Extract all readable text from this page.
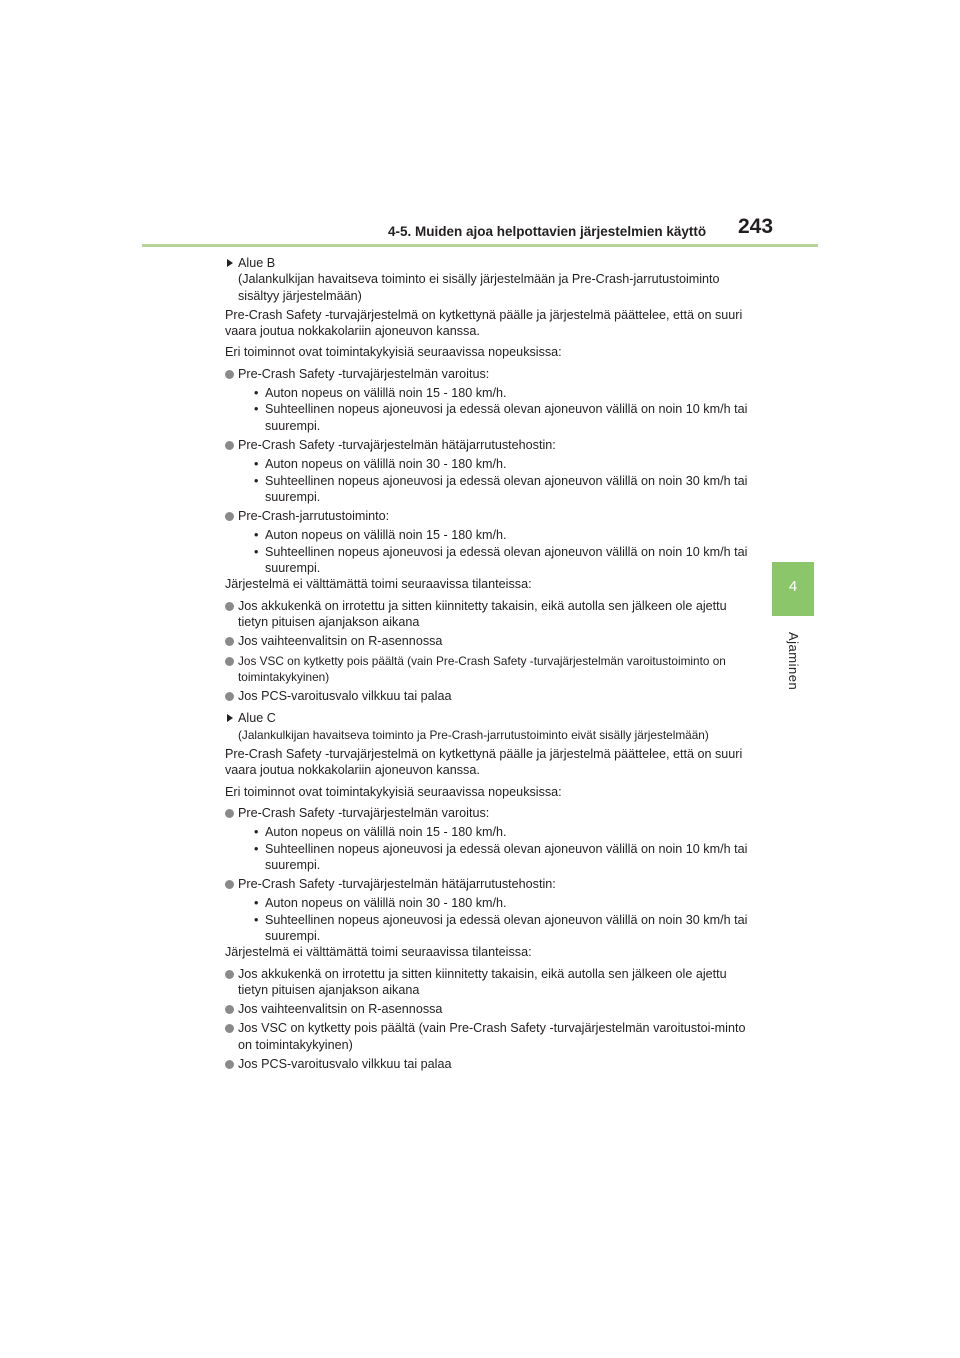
4-5. Muiden ajoa helpottavien järjestelmien käyttö 243
4
Ajaminen
Alue B
(Jalankulkijan havaitseva toiminto ei sisälly järjestelmään ja Pre-Crash-jarrutustoiminto sisältyy järjestelmään)
Pre-Crash Safety -turvajärjestelmä on kytkettynä päälle ja järjestelmä päättelee, että on suuri vaara joutua nokkakolariin ajoneuvon kanssa.
Eri toiminnot ovat toimintakykyisiä seuraavissa nopeuksissa:
Pre-Crash Safety -turvajärjestelmän varoitus:
• Auton nopeus on välillä noin 15 - 180 km/h.
• Suhteellinen nopeus ajoneuvosi ja edessä olevan ajoneuvon välillä on noin 10 km/h tai suurempi.
Pre-Crash Safety -turvajärjestelmän hätäjarrutustehostin:
• Auton nopeus on välillä noin 30 - 180 km/h.
• Suhteellinen nopeus ajoneuvosi ja edessä olevan ajoneuvon välillä on noin 30 km/h tai suurempi.
Pre-Crash-jarrutustoiminto:
• Auton nopeus on välillä noin 15 - 180 km/h.
• Suhteellinen nopeus ajoneuvosi ja edessä olevan ajoneuvon välillä on noin 10 km/h tai suurempi.
Järjestelmä ei välttämättä toimi seuraavissa tilanteissa:
Jos akkukenkä on irrotettu ja sitten kiinnitetty takaisin, eikä autolla sen jälkeen ole ajettu tietyn pituisen ajanjakson aikana
Jos vaihteenvalitsin on R-asennossa
Jos VSC on kytketty pois päältä (vain Pre-Crash Safety -turvajärjestelmän varoitustoiminto on toimintakykyinen)
Jos PCS-varoitusvalo vilkkuu tai palaa
Alue C
(Jalankulkijan havaitseva toiminto ja Pre-Crash-jarrutustoiminto eivät sisälly järjestelmään)
Pre-Crash Safety -turvajärjestelmä on kytkettynä päälle ja järjestelmä päättelee, että on suuri vaara joutua nokkakolariin ajoneuvon kanssa.
Eri toiminnot ovat toimintakykyisiä seuraavissa nopeuksissa:
Pre-Crash Safety -turvajärjestelmän varoitus:
• Auton nopeus on välillä noin 15 - 180 km/h.
• Suhteellinen nopeus ajoneuvosi ja edessä olevan ajoneuvon välillä on noin 10 km/h tai suurempi.
Pre-Crash Safety -turvajärjestelmän hätäjarrutustehostin:
• Auton nopeus on välillä noin 30 - 180 km/h.
• Suhteellinen nopeus ajoneuvosi ja edessä olevan ajoneuvon välillä on noin 30 km/h tai suurempi.
Järjestelmä ei välttämättä toimi seuraavissa tilanteissa:
Jos akkukenkä on irrotettu ja sitten kiinnitetty takaisin, eikä autolla sen jälkeen ole ajettu tietyn pituisen ajanjakson aikana
Jos vaihteenvalitsin on R-asennossa
Jos VSC on kytketty pois päältä (vain Pre-Crash Safety -turvajärjestelmän varoitustoi-minto on toimintakykyinen)
Jos PCS-varoitusvalo vilkkuu tai palaa
